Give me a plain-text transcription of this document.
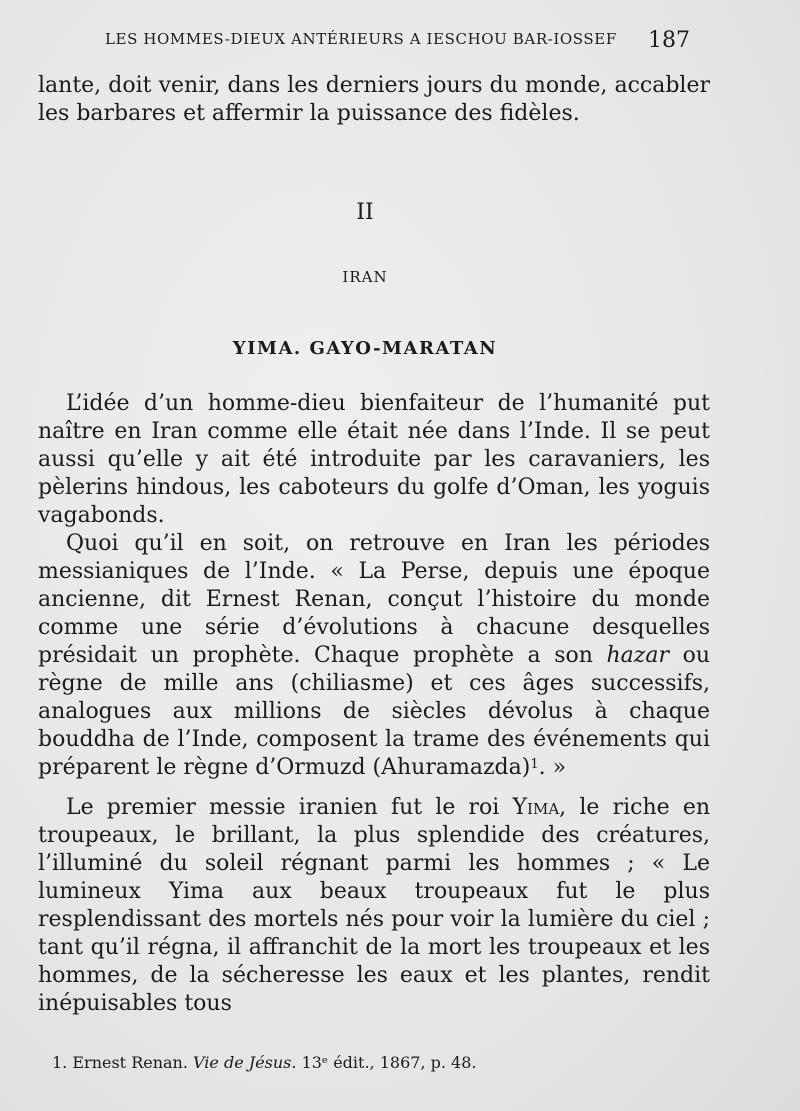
LES HOMMES-DIEUX ANTÉRIEURS A IESCHOU BAR-IOSSEF	187

lante, doit venir, dans les derniers jours du monde, accabler les barbares et affermir la puissance des fidèles.

II
IRAN
YIMA. GAYO-MARATAN

L’idée d’un homme-dieu bienfaiteur de l’humanité put naître en Iran comme elle était née dans l’Inde. Il se peut aussi qu’elle y ait été introduite par les caravaniers, les pèlerins hindous, les caboteurs du golfe d’Oman, les yoguis vagabonds.

Quoi qu’il en soit, on retrouve en Iran les périodes messianiques de l’Inde. « La Perse, depuis une époque ancienne, dit Ernest Renan, conçut l’histoire du monde comme une série d’évolutions à chacune desquelles présidait un prophète. Chaque prophète a son hazar ou règne de mille ans (chiliasme) et ces âges successifs, analogues aux millions de siècles dévolus à chaque bouddha de l’Inde, composent la trame des événements qui préparent le règne d’Ormuzd (Ahuramazda)$^1$. »

Le premier messie iranien fut le roi Yima, le riche en troupeaux, le brillant, la plus splendide des créatures, l’illuminé du soleil régnant parmi les hommes ; « Le lumineux Yima aux beaux troupeaux fut le plus resplendissant des mortels nés pour voir la lumière du ciel ; tant qu’il régna, il affranchit de la mort les troupeaux et les hommes, de la sécheresse les eaux et les plantes, rendit inépuisables tous

1. Ernest Renan. Vie de Jésus. 13ᵉ édit., 1867, p. 48.
